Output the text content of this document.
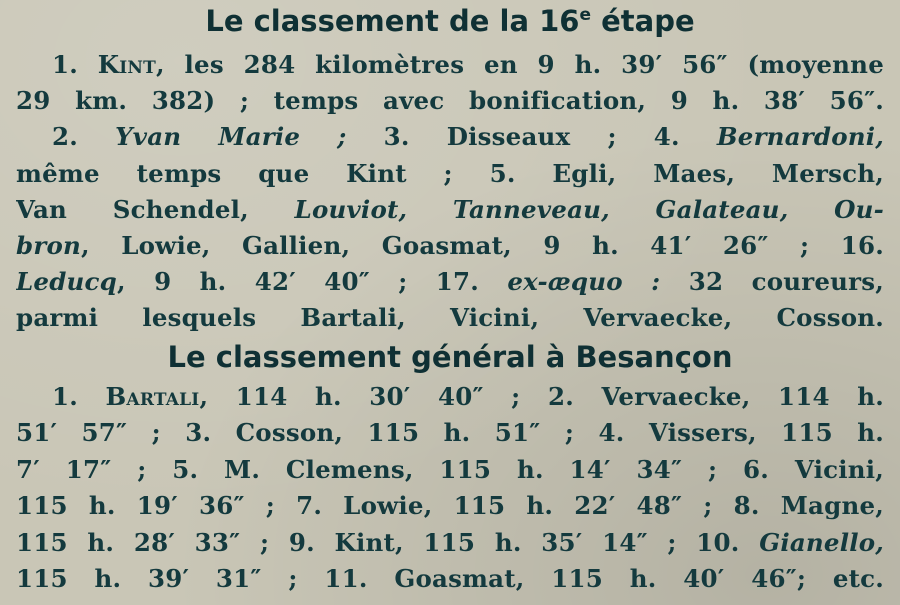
Le classement de la 16e étape
1. Kint, les 284 kilomètres en 9 h. 39′ 56″ (moyenne
29 km. 382) ; temps avec bonification, 9 h. 38′ 56″.
2. Yvan Marie ; 3. Disseaux ; 4. Bernardoni,
même temps que Kint ; 5. Egli, Maes, Mersch,
Van Schendel, Louviot, Tanneveau, Galateau, Ou-
bron, Lowie, Gallien, Goasmat, 9 h. 41′ 26″ ; 16.
Leducq, 9 h. 42′ 40″ ; 17. ex-æquo : 32 coureurs,
parmi lesquels Bartali, Vicini, Vervaecke, Cosson.
Le classement général à Besançon
1. Bartali, 114 h. 30′ 40″ ; 2. Vervaecke, 114 h.
51′ 57″ ; 3. Cosson, 115 h. 51″ ; 4. Vissers, 115 h.
7′ 17″ ; 5. M. Clemens, 115 h. 14′ 34″ ; 6. Vicini,
115 h. 19′ 36″ ; 7. Lowie, 115 h. 22′ 48″ ; 8. Magne,
115 h. 28′ 33″ ; 9. Kint, 115 h. 35′ 14″ ; 10. Gianello,
115 h. 39′ 31″ ; 11. Goasmat, 115 h. 40′ 46″; etc.
